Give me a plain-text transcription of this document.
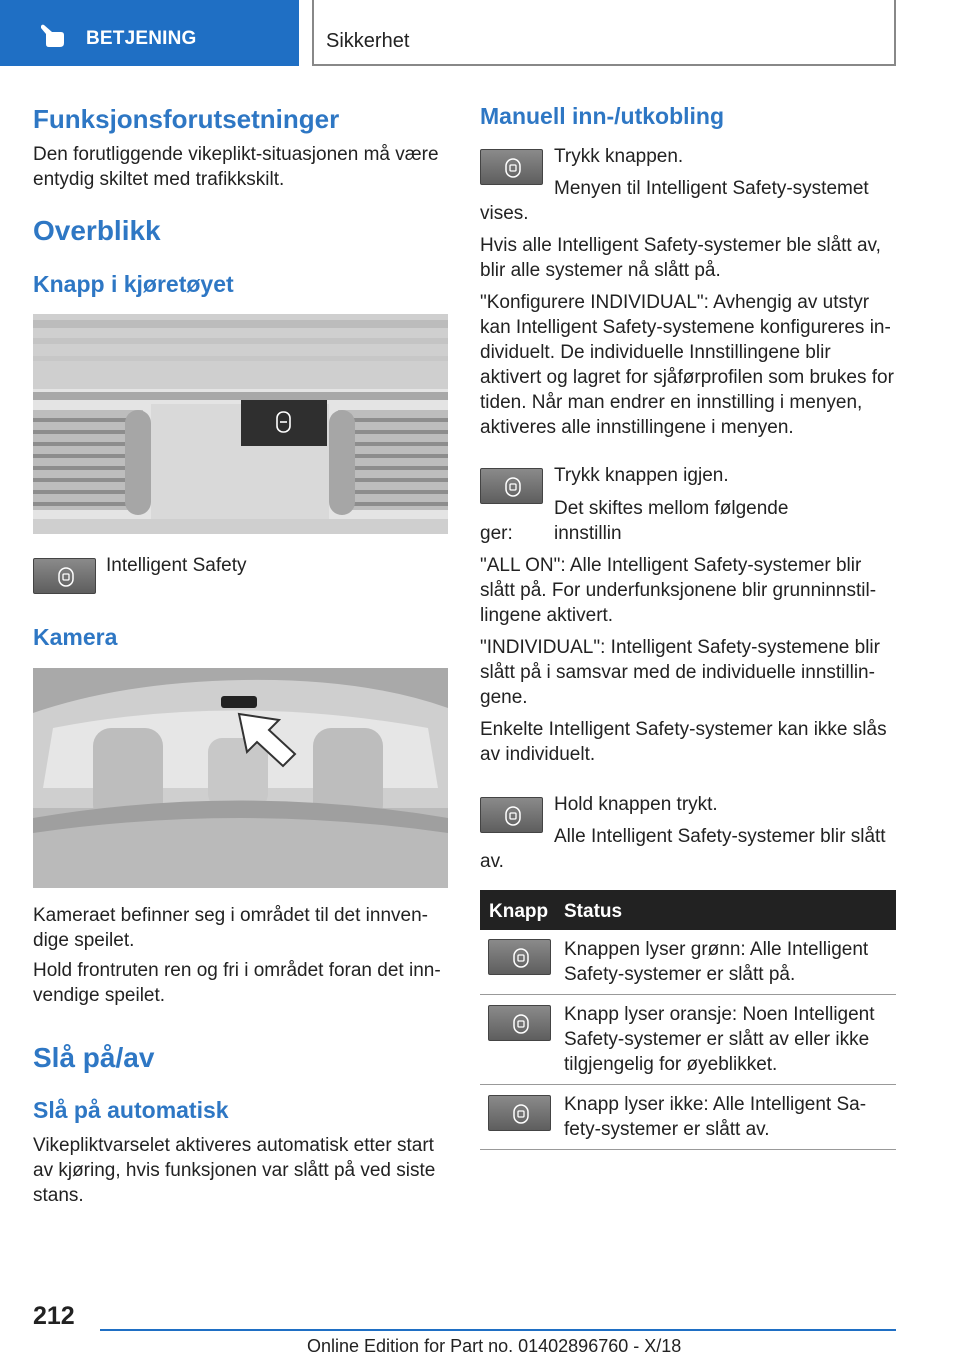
BETJENING	Sikkerhet
Funksjonsforutsetninger
Den forutliggende vikeplikt-situasjonen må være entydig skiltet med trafikkskilt.
Overblikk
Knapp i kjøretøyet
Intelligent Safety
Kamera
Kameraet befinner seg i området til det innvendige speilet.
Hold frontruten ren og fri i området foran det innvendige speilet.
Slå på/av
Slå på automatisk
Vikepliktvarselet aktiveres automatisk etter start av kjøring, hvis funksjonen var slått på ved siste stans.
Manuell inn-/utkobling
Trykk knappen.
Menyen til Intelligent Safety-systemet
vises.
Hvis alle Intelligent Safety-systemer ble slått av, blir alle systemer nå slått på.
"Konfigurere INDIVIDUAL": Avhengig av utstyr kan Intelligent Safety-systemene konfigureres individuelt. De individuelle Innstillingene blir aktivert og lagret for sjåførprofilen som brukes for tiden. Når man endrer en innstilling i menyen, aktiveres alle innstillingene i menyen.
Trykk knappen igjen.
Det skiftes mellom følgende innstillin
ger:
"ALL ON": Alle Intelligent Safety-systemer blir slått på. For underfunksjonene blir grunninnstillingene aktivert.
"INDIVIDUAL": Intelligent Safety-systemene blir slått på i samsvar med de individuelle innstillingene.
Enkelte Intelligent Safety-systemer kan ikke slås av individuelt.
Hold knappen trykt.
Alle Intelligent Safety-systemer blir slått
av.
Knapp Status
Knappen lyser grønn: Alle Intelligent Safety-systemer er slått på.
Knapp lyser oransje: Noen Intelligent Safety-systemer er slått av eller ikke tilgjengelig for øyeblikket.
Knapp lyser ikke: Alle Intelligent Safety-systemer er slått av.
212
Online Edition for Part no. 01402896760 - X/18
